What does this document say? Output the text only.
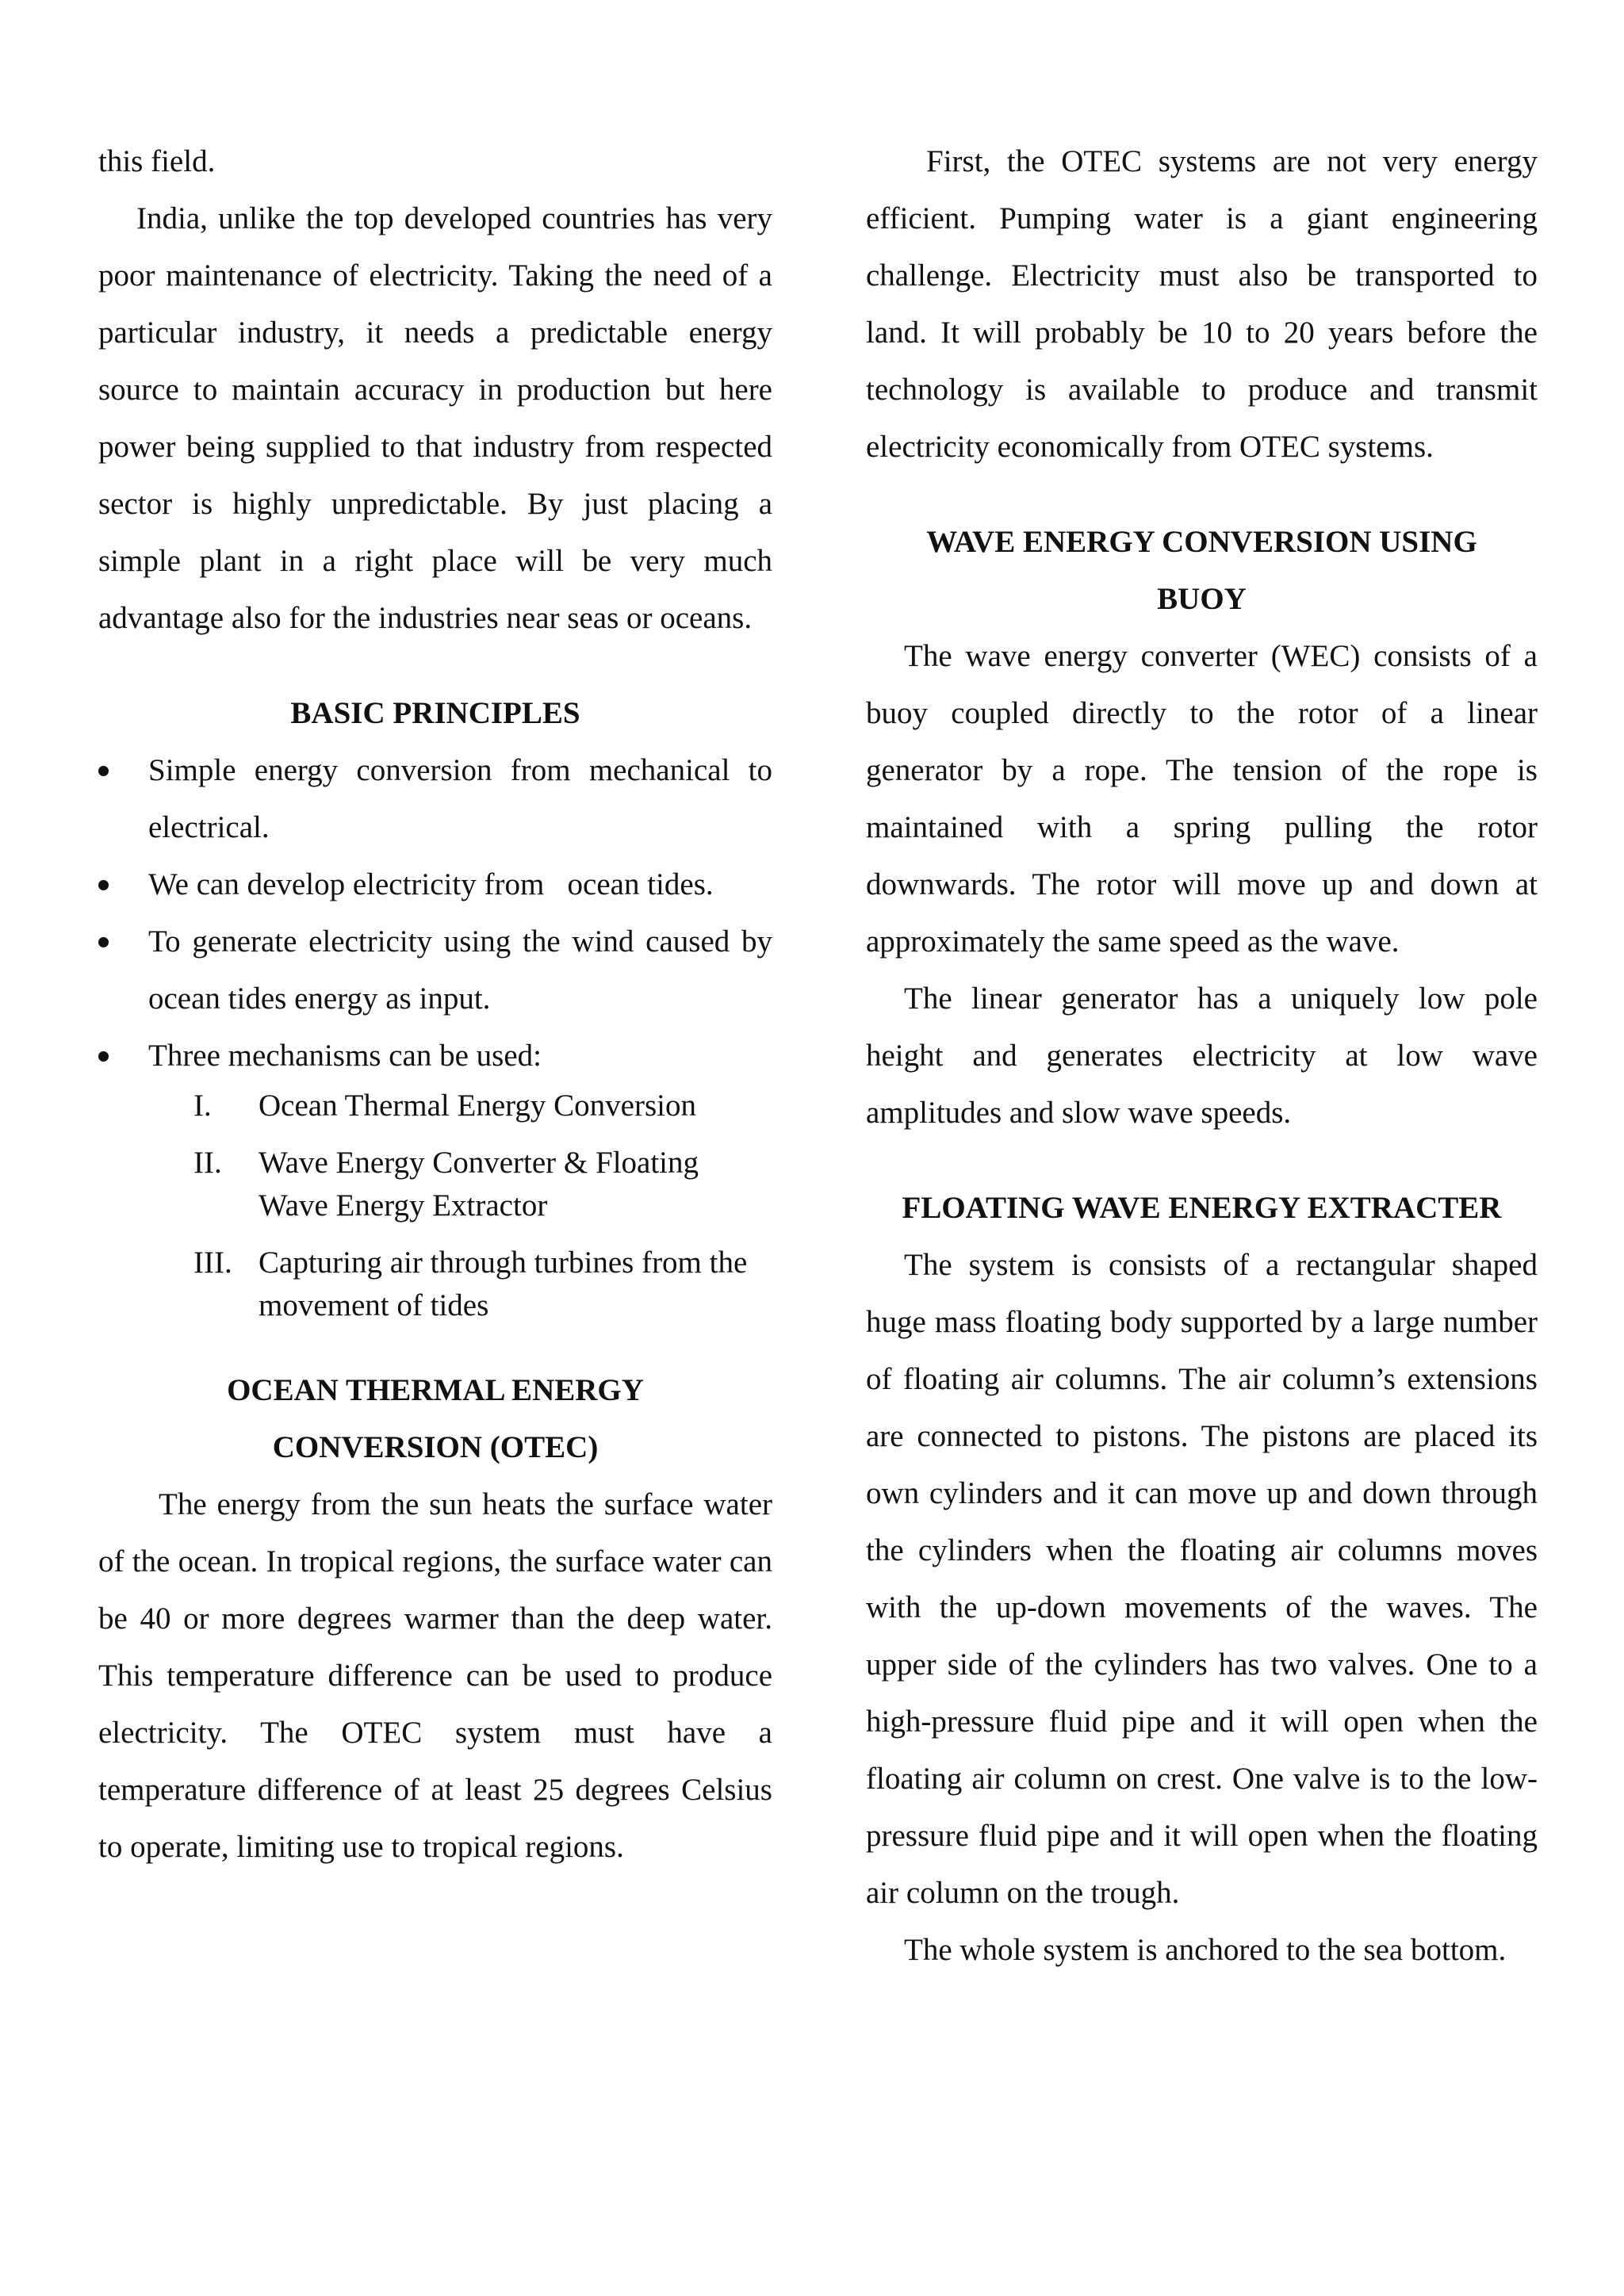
this field.

India, unlike the top developed countries has very poor maintenance of electricity. Taking the need of a particular industry, it needs a predictable energy source to maintain accuracy in production but here power being supplied to that industry from respected sector is highly unpredictable. By just placing a simple plant in a right place will be very much advantage also for the industries near seas or oceans.

BASIC PRINCIPLES

Simple energy conversion from mechanical to electrical.
We can develop electricity from   ocean tides.
To generate electricity using the wind caused by ocean tides energy as input.
Three mechanisms can be used:
I.	Ocean Thermal Energy Conversion
II.	Wave Energy Converter & Floating Wave Energy Extractor
III. Capturing air through turbines from the movement of tides

OCEAN THERMAL ENERGY

CONVERSION (OTEC)

The energy from the sun heats the surface water of the ocean. In tropical regions, the surface water can be 40 or more degrees warmer than the deep water. This temperature difference can be used to produce electricity. The OTEC system must have a temperature difference of at least 25 degrees Celsius to operate, limiting use to tropical regions.

First, the OTEC systems are not very energy efficient. Pumping water is a giant engineering challenge. Electricity must also be transported to land. It will probably be 10 to 20 years before the technology is available to produce and transmit electricity economically from OTEC systems.

WAVE ENERGY CONVERSION USING

BUOY

The wave energy converter (WEC) consists of a buoy coupled directly to the rotor of a linear generator by a rope. The tension of the rope is maintained with a spring pulling the rotor downwards. The rotor will move up and down at approximately the same speed as the wave.

The linear generator has a uniquely low pole height and generates electricity at low wave amplitudes and slow wave speeds.

FLOATING WAVE ENERGY EXTRACTER

The system is consists of a rectangular shaped huge mass floating body supported by a large number of floating air columns. The air column’s extensions are connected to pistons. The pistons are placed its own cylinders and it can move up and down through the cylinders when the floating air columns moves with the up-down movements of the waves. The upper side of the cylinders has two valves. One to a high-pressure fluid pipe and it will open when the floating air column on crest. One valve is to the low-pressure fluid pipe and it will open when the floating air column on the trough.

The whole system is anchored to the sea bottom.
